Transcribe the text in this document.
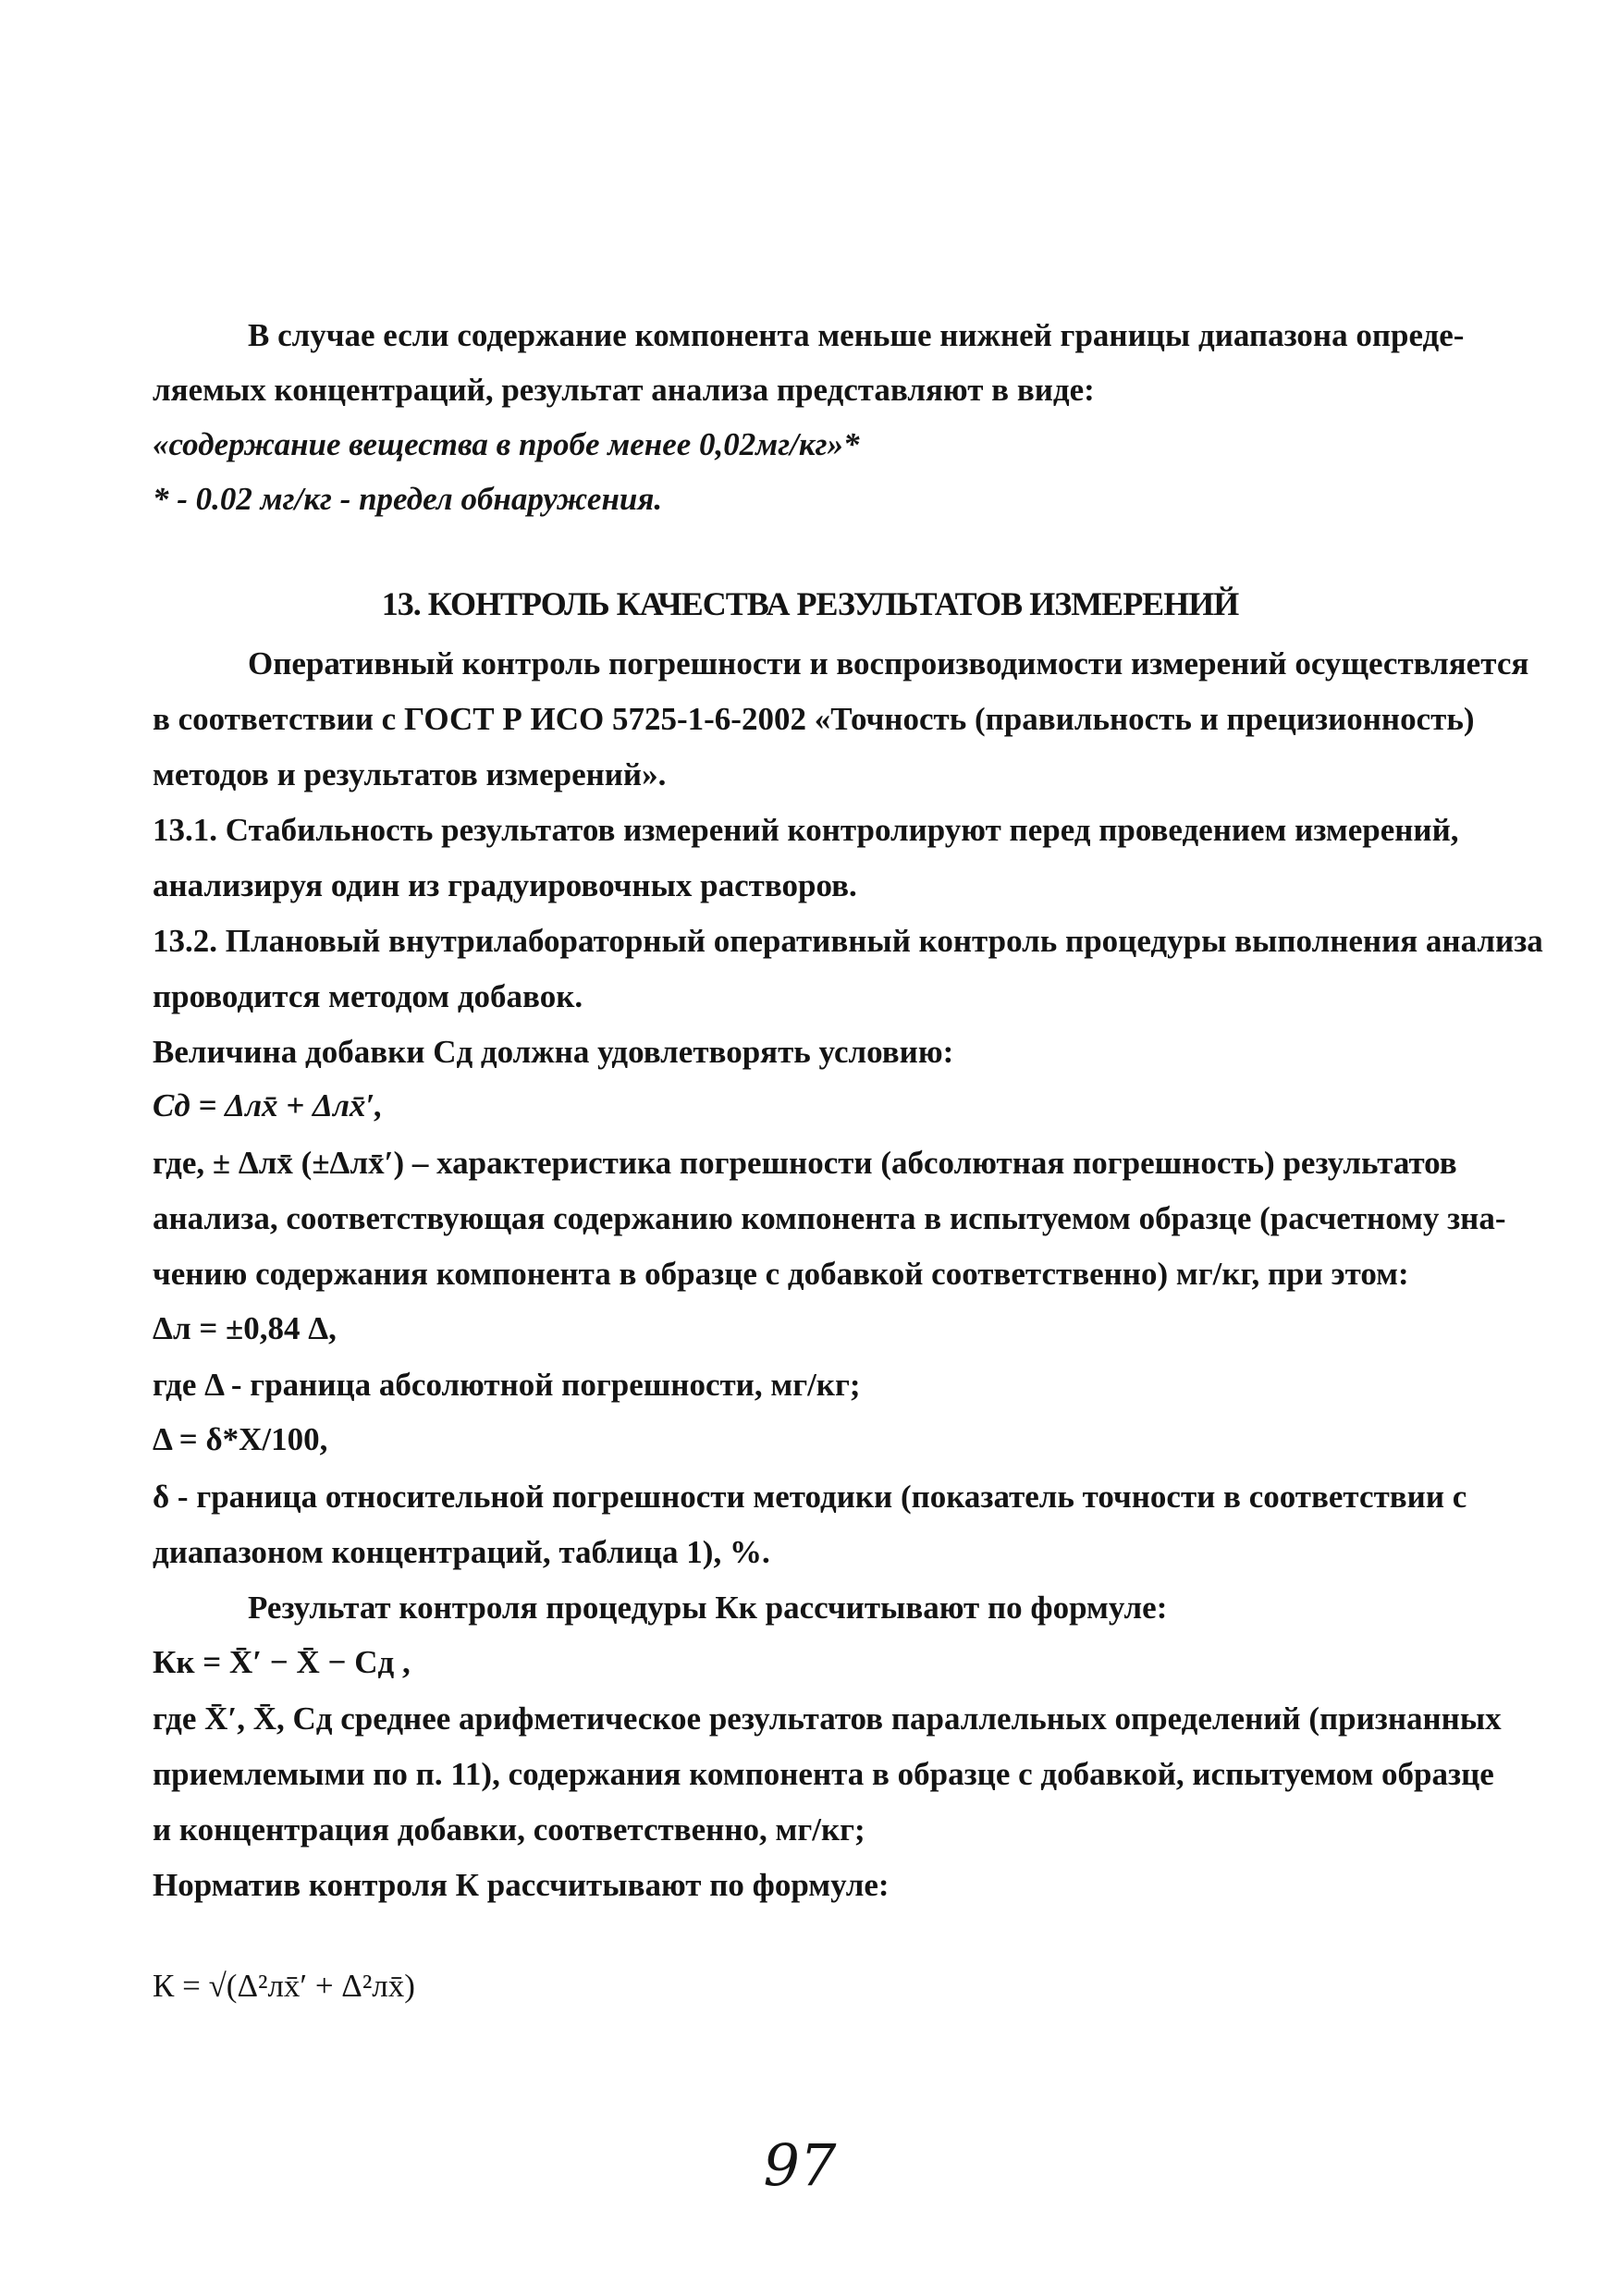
В случае если содержание компонента меньше нижней границы диапазона опреде-
ляемых концентраций, результат анализа представляют в виде:
«содержание вещества в пробе менее 0,02мг/кг»*
* - 0.02 мг/кг - предел обнаружения.
13. КОНТРОЛЬ КАЧЕСТВА РЕЗУЛЬТАТОВ ИЗМЕРЕНИЙ
Оперативный контроль погрешности и воспроизводимости измерений осуществляется
в соответствии с ГОСТ Р ИСО 5725-1-6-2002 «Точность (правильность и прецизионность)
методов и результатов измерений».
13.1. Стабильность результатов измерений контролируют перед проведением измерений,
анализируя один из градуировочных растворов.
13.2. Плановый внутрилабораторный оперативный контроль процедуры выполнения анализа
проводится методом добавок.
Величина добавки Cд должна удовлетворять условию:
Cд = Δлx̄ + Δлx̄′,
где, ± Δлx̄ (±Δлx̄′) – характеристика погрешности (абсолютная погрешность) результатов
анализа, соответствующая содержанию компонента в испытуемом образце (расчетному зна-
чению содержания компонента в образце с добавкой соответственно) мг/кг, при этом:
Δл = ±0,84 Δ,
где Δ - граница абсолютной погрешности, мг/кг;
Δ = δ*X/100,
δ - граница относительной погрешности методики (показатель точности в соответствии с
диапазоном концентраций, таблица 1), %.
Результат контроля процедуры Кк рассчитывают по формуле:
Кк = X̄′ − X̄ − Cд ,
где X̄′, X̄, Cд среднее арифметическое результатов параллельных определений (признанных
приемлемыми по п. 11), содержания компонента в образце с добавкой, испытуемом образце
и концентрация добавки, соответственно, мг/кг;
Норматив контроля К рассчитывают по формуле:
К = √(Δ²лx̄′ + Δ²лx̄)
97
